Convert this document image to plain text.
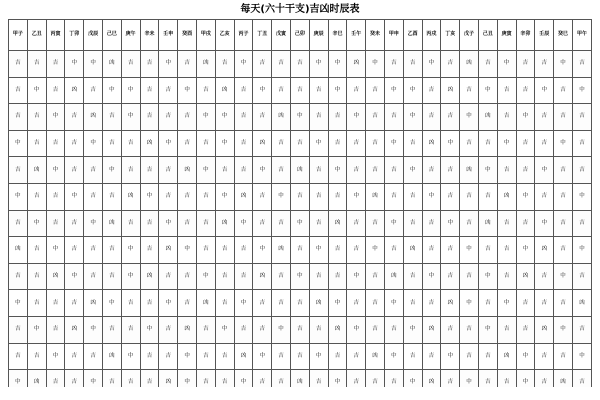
每天(六十干支)吉凶时辰表
甲子	乙丑	丙寅	丁卯	戊辰	己巳	庚午	辛未	壬申	癸酉	甲戌	乙亥	丙子	丁丑	戊寅	己卯	庚辰	辛巳	壬午	癸未	甲申	乙酉	丙戌	丁亥	戊子	己丑	庚寅	辛卯	壬辰	癸巳	甲午

吉	吉	吉	中	中	凶	吉	吉	中	吉	凶	吉	中	吉	吉	吉	中	中	凶	中	吉	吉	中	吉	凶	吉	中	吉	吉	中	吉

吉	中	吉	凶	吉	中	中	吉	吉	中	吉	凶	吉	中	吉	吉	吉	中	吉	吉	中	中	吉	凶	吉	中	吉	吉	中	吉	中

吉	吉	中	吉	凶	吉	中	吉	吉	吉	中	中	吉	吉	凶	中	吉	吉	中	吉	吉	中	吉	吉	中	凶	吉	中	吉	吉	吉

中	吉	吉	吉	中	吉	吉	凶	中	吉	吉	中	吉	凶	吉	吉	中	吉	吉	吉	中	吉	凶	中	吉	吉	中	吉	吉	中	吉

吉	凶	中	吉	吉	中	吉	吉	吉	凶	中	吉	吉	中	吉	凶	吉	中	吉	吉	吉	中	吉	吉	凶	中	吉	吉	中	吉	吉

中	吉	吉	中	吉	吉	凶	中	吉	吉	吉	中	凶	吉	中	吉	吉	吉	中	凶	吉	吉	中	吉	吉	吉	凶	中	吉	吉	中

吉	中	吉	吉	中	凶	吉	吉	中	吉	吉	凶	中	吉	吉	中	吉	凶	吉	吉	中	吉	吉	中	吉	凶	吉	吉	中	吉	吉

凶	吉	中	吉	吉	吉	中	吉	凶	中	吉	吉	吉	中	凶	吉	中	吉	吉	中	吉	凶	吉	吉	中	吉	吉	中	凶	吉	中

吉	吉	凶	中	吉	吉	中	凶	吉	吉	中	吉	吉	凶	吉	中	吉	吉	中	吉	凶	吉	中	吉	吉	中	吉	凶	吉	中	吉

中	吉	吉	吉	凶	中	吉	吉	中	吉	凶	吉	中	吉	吉	吉	凶	中	吉	吉	中	吉	吉	凶	中	吉	中	吉	吉	吉	凶

吉	中	吉	凶	中	吉	吉	中	吉	凶	吉	中	吉	吉	中	吉	吉	凶	中	吉	吉	中	凶	吉	吉	中	吉	吉	凶	中	吉

吉	吉	中	吉	吉	凶	中	吉	吉	中	吉	吉	凶	中	吉	吉	中	吉	吉	凶	中	吉	吉	中	吉	吉	凶	中	吉	吉	中

中	凶	吉	吉	中	吉	吉	吉	凶	中	吉	吉	中	吉	吉	凶	吉	中	吉	吉	吉	中	凶	吉	中	吉	吉	中	吉	凶	吉
